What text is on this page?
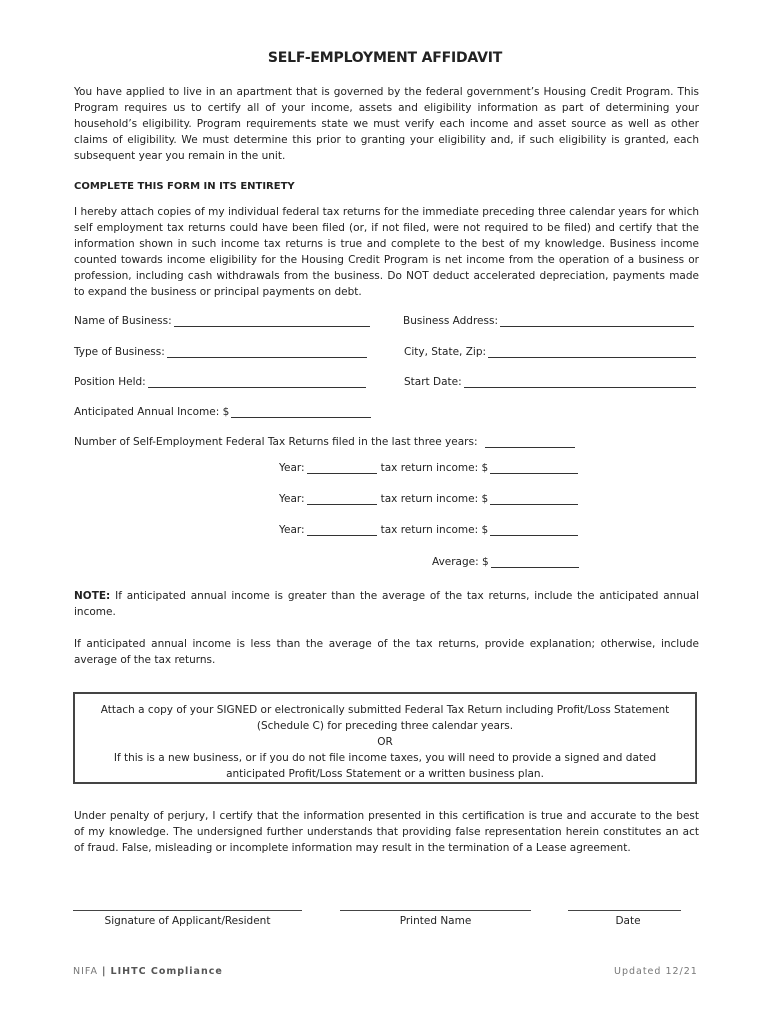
SELF-EMPLOYMENT AFFIDAVIT
You have applied to live in an apartment that is governed by the federal government’s Housing Credit Program. This Program requires us to certify all of your income, assets and eligibility information as part of determining your household’s eligibility. Program requirements state we must verify each income and asset source as well as other claims of eligibility. We must determine this prior to granting your eligibility and, if such eligibility is granted, each subsequent year you remain in the unit.
COMPLETE THIS FORM IN ITS ENTIRETY
I hereby attach copies of my individual federal tax returns for the immediate preceding three calendar years for which self employment tax returns could have been filed (or, if not filed, were not required to be filed) and certify that the information shown in such income tax returns is true and complete to the best of my knowledge. Business income counted towards income eligibility for the Housing Credit Program is net income from the operation of a business or profession, including cash withdrawals from the business. Do NOT deduct accelerated depreciation, payments made to expand the business or principal payments on debt.
Name of Business:	Business Address:
Type of Business:	City, State, Zip:
Position Held:	Start Date:
Anticipated Annual Income: $
Number of Self-Employment Federal Tax Returns filed in the last three years:
Year:	tax return income: $
Year:	tax return income: $
Year:	tax return income: $
Average: $
NOTE: If anticipated annual income is greater than the average of the tax returns, include the anticipated annual income.
If anticipated annual income is less than the average of the tax returns, provide explanation; otherwise, include average of the tax returns.
Attach a copy of your SIGNED or electronically submitted Federal Tax Return including Profit/Loss Statement
(Schedule C) for preceding three calendar years.
OR
If this is a new business, or if you do not file income taxes, you will need to provide a signed and dated
anticipated Profit/Loss Statement or a written business plan.
Under penalty of perjury, I certify that the information presented in this certification is true and accurate to the best of my knowledge. The undersigned further understands that providing false representation herein constitutes an act of fraud. False, misleading or incomplete information may result in the termination of a Lease agreement.
Signature of Applicant/Resident	Printed Name	Date
NIFA | LIHTC Compliance	Updated 12/21
